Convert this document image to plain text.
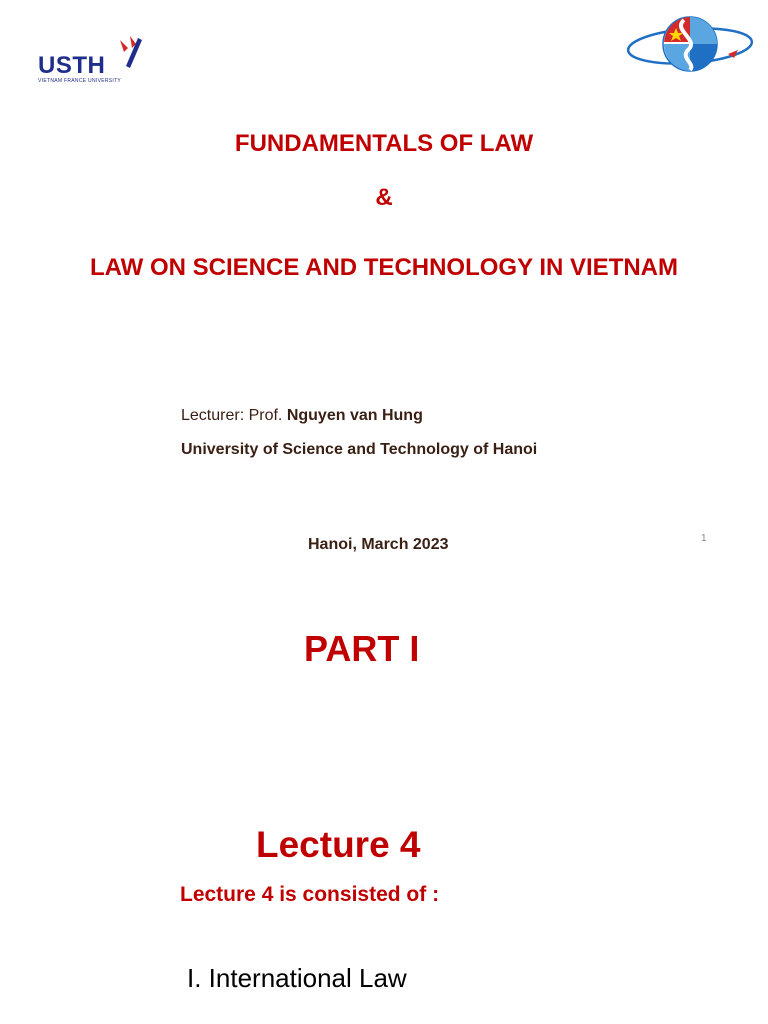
USTH
VIETNAM FRANCE UNIVERSITY
FUNDAMENTALS OF LAW
&
LAW ON SCIENCE AND TECHNOLOGY IN VIETNAM
Lecturer: Prof. Nguyen van Hung
University of Science and Technology of Hanoi
Hanoi, March 2023	1
PART I
Lecture 4
Lecture 4 is consisted of :
I. International Law
